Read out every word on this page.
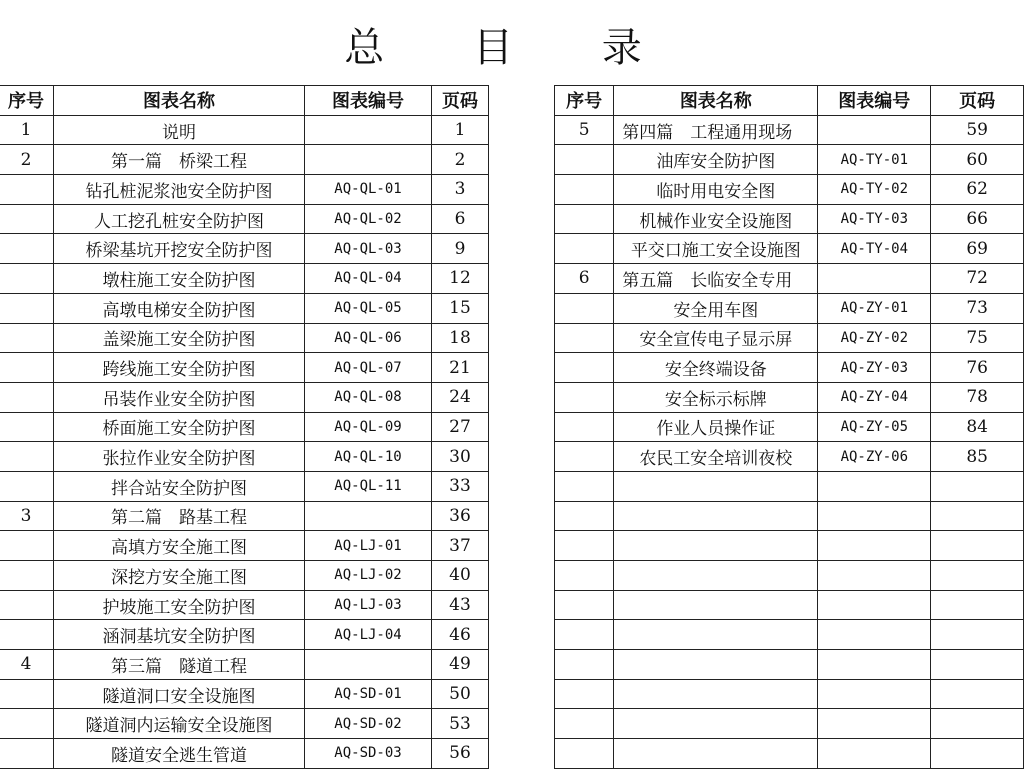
总 目 录
序号	图表名称	图表编号	页码
1	说明		1
2	第一篇　桥梁工程		2
	钻孔桩泥浆池安全防护图	AQ-QL-01	3
	人工挖孔桩安全防护图	AQ-QL-02	6
	桥梁基坑开挖安全防护图	AQ-QL-03	9
	墩柱施工安全防护图	AQ-QL-04	12
	高墩电梯安全防护图	AQ-QL-05	15
	盖梁施工安全防护图	AQ-QL-06	18
	跨线施工安全防护图	AQ-QL-07	21
	吊装作业安全防护图	AQ-QL-08	24
	桥面施工安全防护图	AQ-QL-09	27
	张拉作业安全防护图	AQ-QL-10	30
	拌合站安全防护图	AQ-QL-11	33
3	第二篇　路基工程		36
	高填方安全施工图	AQ-LJ-01	37
	深挖方安全施工图	AQ-LJ-02	40
	护坡施工安全防护图	AQ-LJ-03	43
	涵洞基坑安全防护图	AQ-LJ-04	46
4	第三篇　隧道工程		49
	隧道洞口安全设施图	AQ-SD-01	50
	隧道洞内运输安全设施图	AQ-SD-02	53
	隧道安全逃生管道	AQ-SD-03	56
序号	图表名称	图表编号	页码
5	第四篇　工程通用现场		59
	油库安全防护图	AQ-TY-01	60
	临时用电安全图	AQ-TY-02	62
	机械作业安全设施图	AQ-TY-03	66
	平交口施工安全设施图	AQ-TY-04	69
6	第五篇　长临安全专用		72
	安全用车图	AQ-ZY-01	73
	安全宣传电子显示屏	AQ-ZY-02	75
	安全终端设备	AQ-ZY-03	76
	安全标示标牌	AQ-ZY-04	78
	作业人员操作证	AQ-ZY-05	84
	农民工安全培训夜校	AQ-ZY-06	85
